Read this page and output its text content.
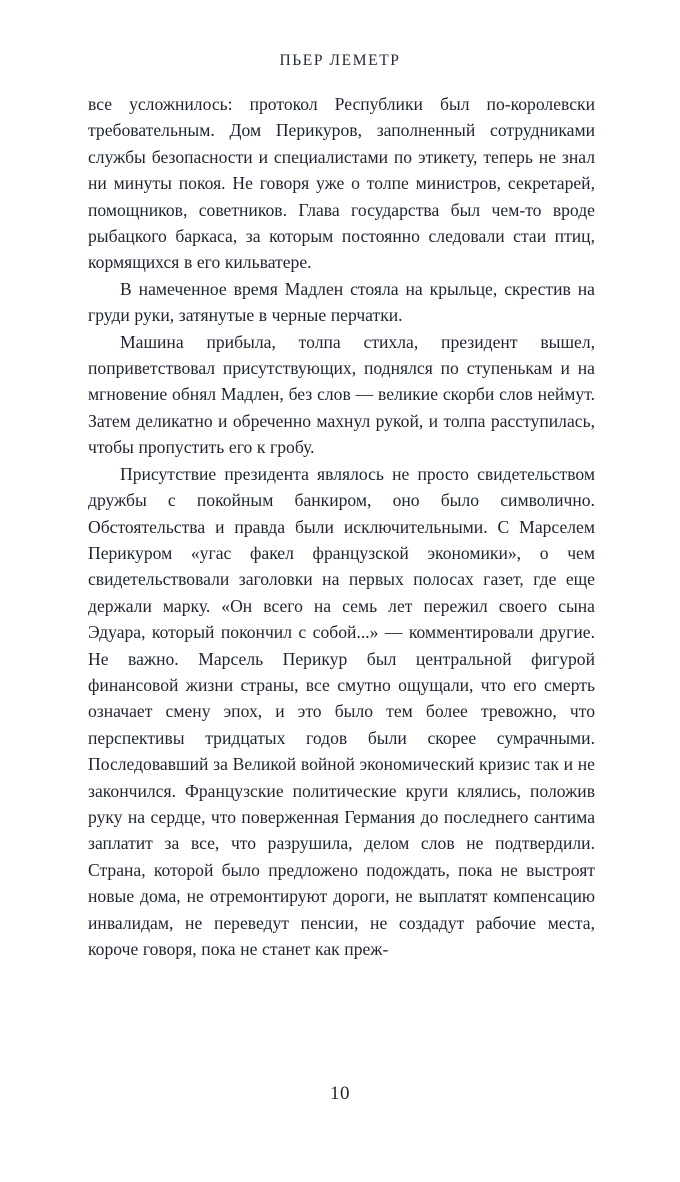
ПЬЕР ЛЕМЕТР

все усложнилось: протокол Республики был по-королевски требовательным. Дом Перикуров, заполненный сотрудниками службы безопасности и специалистами по этикету, теперь не знал ни минуты покоя. Не говоря уже о толпе министров, секретарей, помощников, советников. Глава государства был чем-то вроде рыбацкого баркаса, за которым постоянно следовали стаи птиц, кормящихся в его кильватере.

В намеченное время Мадлен стояла на крыльце, скрестив на груди руки, затянутые в черные перчатки.

Машина прибыла, толпа стихла, президент вышел, поприветствовал присутствующих, поднялся по ступенькам и на мгновение обнял Мадлен, без слов — великие скорби слов неймут. Затем деликатно и обреченно махнул рукой, и толпа расступилась, чтобы пропустить его к гробу.

Присутствие президента являлось не просто свидетельством дружбы с покойным банкиром, оно было символично. Обстоятельства и правда были исключительными. С Марселем Перикуром «угас факел французской экономики», о чем свидетельствовали заголовки на первых полосах газет, где еще держали марку. «Он всего на семь лет пережил своего сына Эдуара, который покончил с собой...» — комментировали другие. Не важно. Марсель Перикур был центральной фигурой финансовой жизни страны, все смутно ощущали, что его смерть означает смену эпох, и это было тем более тревожно, что перспективы тридцатых годов были скорее сумрачными. Последовавший за Великой войной экономический кризис так и не закончился. Французские политические круги клялись, положив руку на сердце, что поверженная Германия до последнего сантима заплатит за все, что разрушила, делом слов не подтвердили. Страна, которой было предложено подождать, пока не выстроят новые дома, не отремонтируют дороги, не выплатят компенсацию инвалидам, не переведут пенсии, не создадут рабочие места, короче говоря, пока не станет как преж-

10
